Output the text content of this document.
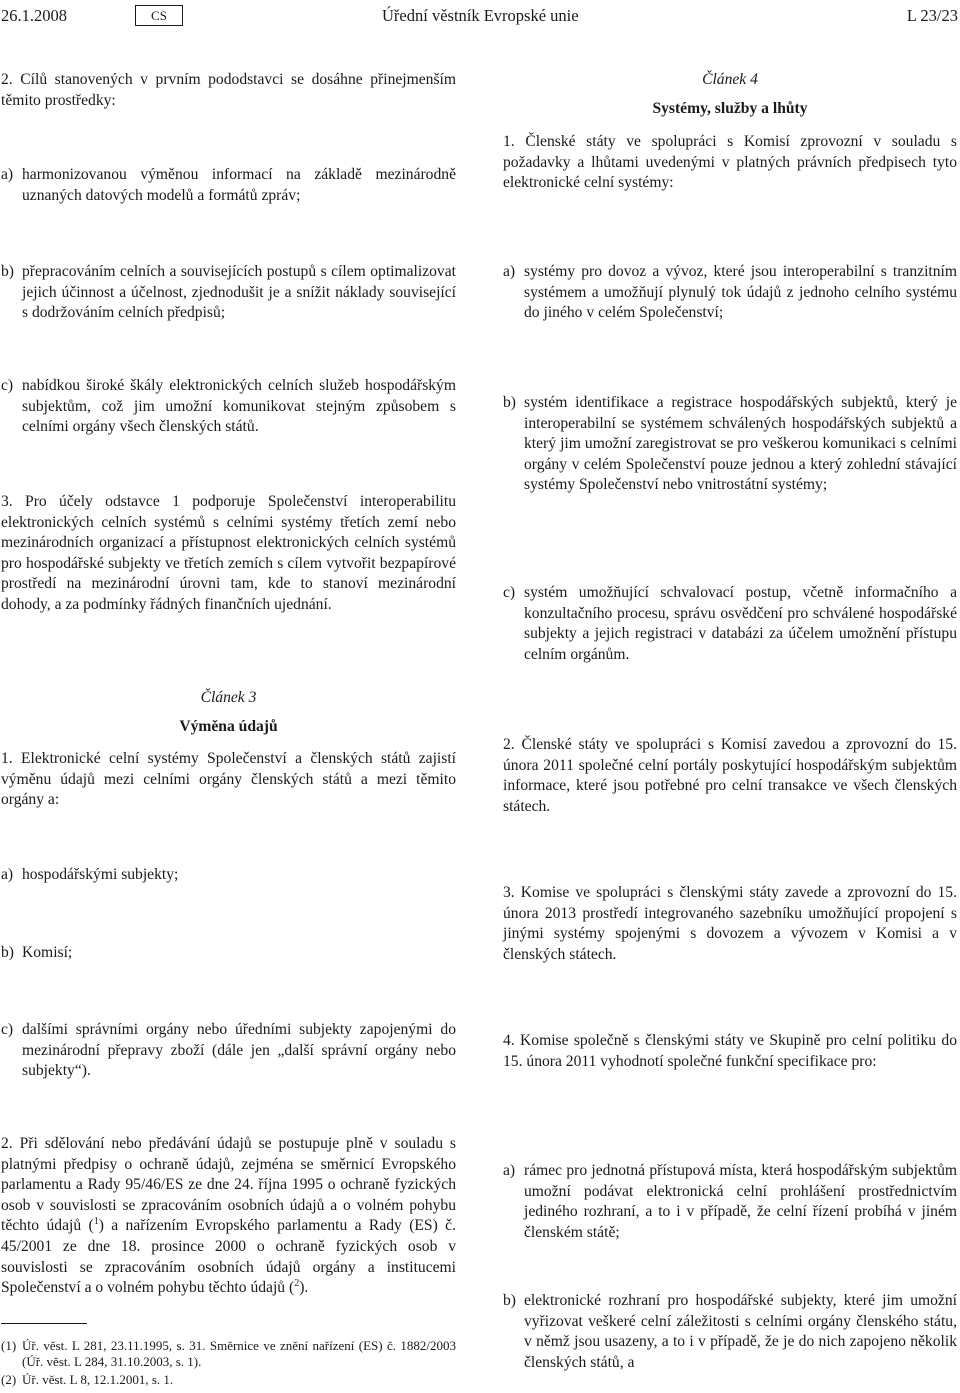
26.1.2008	CS	Úřední věstník Evropské unie	L 23/23

2. Cílů stanovených v prvním pododstavci se dosáhne přinejmenším těmito prostředky:

a) harmonizovanou výměnou informací na základě mezinárodně uznaných datových modelů a formátů zpráv;
b) přepracováním celních a souvisejících postupů s cílem optimalizovat jejich účinnost a účelnost, zjednodušit je a snížit náklady související s dodržováním celních předpisů;
c) nabídkou široké škály elektronických celních služeb hospodářským subjektům, což jim umožní komunikovat stejným způsobem s celními orgány všech členských států.

3. Pro účely odstavce 1 podporuje Společenství interoperabilitu elektronických celních systémů s celními systémy třetích zemí nebo mezinárodních organizací a přístupnost elektronických celních systémů pro hospodářské subjekty ve třetích zemích s cílem vytvořit bezpapírové prostředí na mezinárodní úrovni tam, kde to stanoví mezinárodní dohody, a za podmínky řádných finančních ujednání.

Článek 3
Výměna údajů

1. Elektronické celní systémy Společenství a členských států zajistí výměnu údajů mezi celními orgány členských států a mezi těmito orgány a:

a) hospodářskými subjekty;
b) Komisí;
c) dalšími správními orgány nebo úředními subjekty zapojenými do mezinárodní přepravy zboží (dále jen „další správní orgány nebo subjekty“).

2. Při sdělování nebo předávání údajů se postupuje plně v souladu s platnými předpisy o ochraně údajů, zejména se směrnicí Evropského parlamentu a Rady 95/46/ES ze dne 24. října 1995 o ochraně fyzických osob v souvislosti se zpracováním osobních údajů a o volném pohybu těchto údajů ($^1$) a nařízením Evropského parlamentu a Rady (ES) č. 45/2001 ze dne 18. prosince 2000 o ochraně fyzických osob v souvislosti se zpracováním osobních údajů orgány a institucemi Společenství a o volném pohybu těchto údajů ($^2$).

(1) Úř. věst. L 281, 23.11.1995, s. 31. Směrnice ve znění nařízení (ES) č. 1882/2003 (Úř. věst. L 284, 31.10.2003, s. 1).
(2) Úř. věst. L 8, 12.1.2001, s. 1.
Článek 4
Systémy, služby a lhůty

1. Členské státy ve spolupráci s Komisí zprovozní v souladu s požadavky a lhůtami uvedenými v platných právních předpisech tyto elektronické celní systémy:

a) systémy pro dovoz a vývoz, které jsou interoperabilní s tranzitním systémem a umožňují plynulý tok údajů z jednoho celního systému do jiného v celém Společenství;
b) systém identifikace a registrace hospodářských subjektů, který je interoperabilní se systémem schválených hospodářských subjektů a který jim umožní zaregistrovat se pro veškerou komunikaci s celními orgány v celém Společenství pouze jednou a který zohlední stávající systémy Společenství nebo vnitrostátní systémy;
c) systém umožňující schvalovací postup, včetně informačního a konzultačního procesu, správu osvědčení pro schválené hospodářské subjekty a jejich registraci v databázi za účelem umožnění přístupu celním orgánům.

2. Členské státy ve spolupráci s Komisí zavedou a zprovozní do 15. února 2011 společné celní portály poskytující hospodářským subjektům informace, které jsou potřebné pro celní transakce ve všech členských státech.

3. Komise ve spolupráci s členskými státy zavede a zprovozní do 15. února 2013 prostředí integrovaného sazebníku umožňující propojení s jinými systémy spojenými s dovozem a vývozem v Komisi a v členských státech.

4. Komise společně s členskými státy ve Skupině pro celní politiku do 15. února 2011 vyhodnotí společné funkční specifikace pro:

a) rámec pro jednotná přístupová místa, která hospodářským subjektům umožní podávat elektronická celní prohlášení prostřednictvím jediného rozhraní, a to i v případě, že celní řízení probíhá v jiném členském státě;
b) elektronické rozhraní pro hospodářské subjekty, které jim umožní vyřizovat veškeré celní záležitosti s celními orgány členského státu, v němž jsou usazeny, a to i v případě, že je do nich zapojeno několik členských států, a
